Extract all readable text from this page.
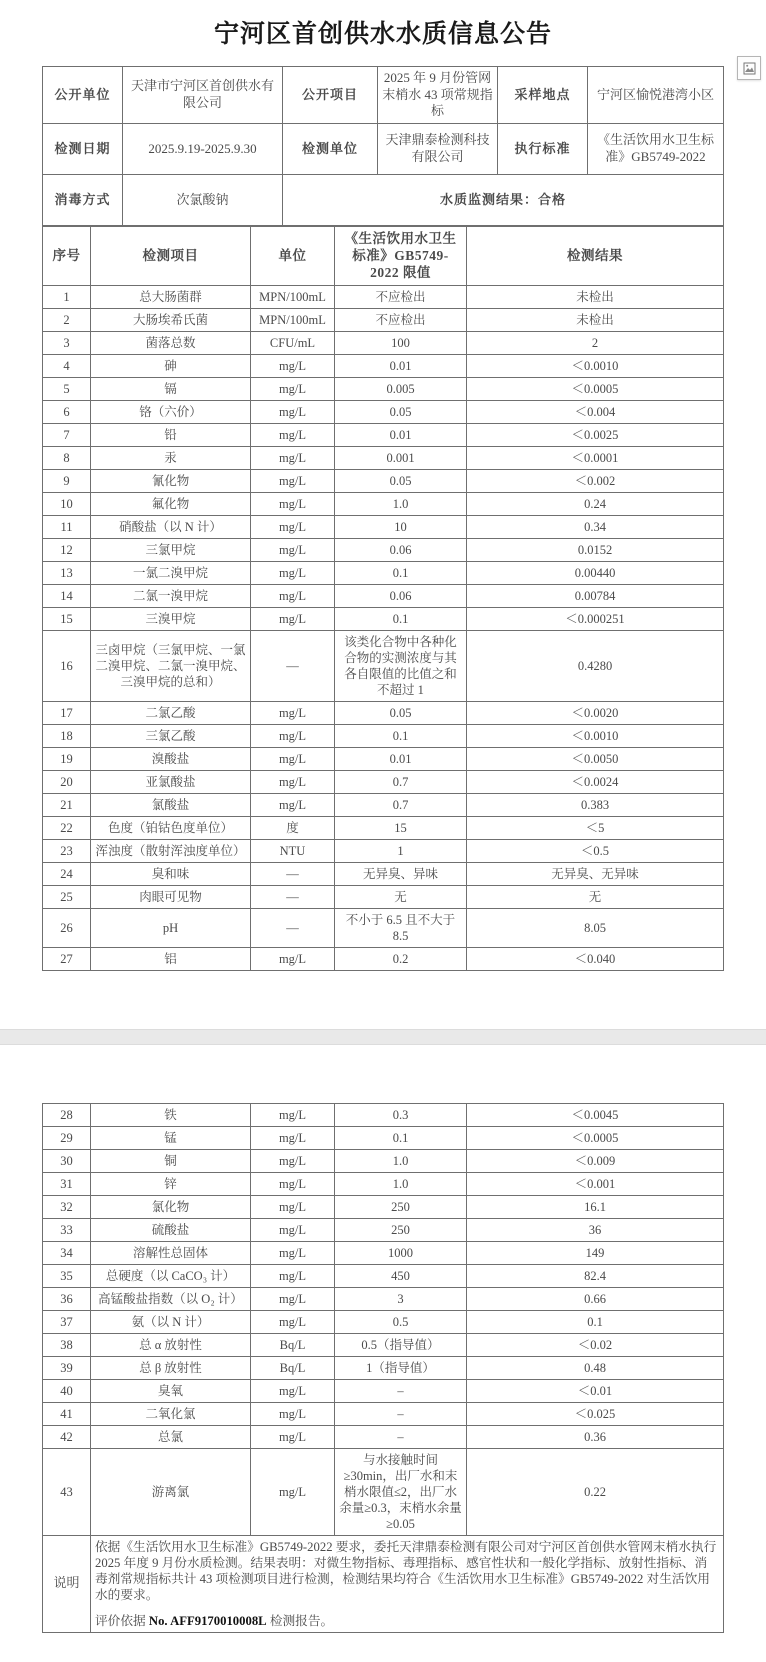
宁河区首创供水水质信息公告
公开单位	天津市宁河区首创供水有限公司	公开项目	2025 年 9 月份管网末梢水 43 项常规指标	采样地点	宁河区愉悦港湾小区
检测日期	2025.9.19-2025.9.30	检测单位	天津鼎泰检测科技有限公司	执行标准	《生活饮用水卫生标准》GB5749-2022
消毒方式	次氯酸钠	水质监测结果：合格			
序号	检测项目	单位	《生活饮用水卫生标准》GB5749-2022 限值	检测结果
1	总大肠菌群	MPN/100mL	不应检出	未检出
2	大肠埃希氏菌	MPN/100mL	不应检出	未检出
3	菌落总数	CFU/mL	100	2
4	砷	mg/L	0.01	＜0.0010
5	镉	mg/L	0.005	＜0.0005
6	铬（六价）	mg/L	0.05	＜0.004
7	铅	mg/L	0.01	＜0.0025
8	汞	mg/L	0.001	＜0.0001
9	氰化物	mg/L	0.05	＜0.002
10	氟化物	mg/L	1.0	0.24
11	硝酸盐（以 N 计）	mg/L	10	0.34
12	三氯甲烷	mg/L	0.06	0.0152
13	一氯二溴甲烷	mg/L	0.1	0.00440
14	二氯一溴甲烷	mg/L	0.06	0.00784
15	三溴甲烷	mg/L	0.1	＜0.000251
16	三卤甲烷（三氯甲烷、一氯二溴甲烷、二氯一溴甲烷、三溴甲烷的总和）	—	该类化合物中各种化合物的实测浓度与其各自限值的比值之和不超过 1	0.4280
17	二氯乙酸	mg/L	0.05	＜0.0020
18	三氯乙酸	mg/L	0.1	＜0.0010
19	溴酸盐	mg/L	0.01	＜0.0050
20	亚氯酸盐	mg/L	0.7	＜0.0024
21	氯酸盐	mg/L	0.7	0.383
22	色度（铂钴色度单位）	度	15	＜5
23	浑浊度（散射浑浊度单位）	NTU	1	＜0.5
24	臭和味	—	无异臭、异味	无异臭、无异味
25	肉眼可见物	—	无	无
26	pH	—	不小于 6.5 且不大于 8.5	8.05
27	铝	mg/L	0.2	＜0.040
28	铁	mg/L	0.3	＜0.0045
29	锰	mg/L	0.1	＜0.0005
30	铜	mg/L	1.0	＜0.009
31	锌	mg/L	1.0	＜0.001
32	氯化物	mg/L	250	16.1
33	硫酸盐	mg/L	250	36
34	溶解性总固体	mg/L	1000	149
35	总硬度（以 CaCO₃ 计）	mg/L	450	82.4
36	高锰酸盐指数（以 O₂ 计）	mg/L	3	0.66
37	氨（以 N 计）	mg/L	0.5	0.1
38	总 α 放射性	Bq/L	0.5（指导值）	＜0.02
39	总 β 放射性	Bq/L	1（指导值）	0.48
40	臭氧	mg/L	–	＜0.01
41	二氧化氯	mg/L	–	＜0.025
42	总氯	mg/L	–	0.36
43	游离氯	mg/L	与水接触时间≥30min，出厂水和末梢水限值≤2，出厂水余量≥0.3，末梢水余量≥0.05	0.22
说明	依据《生活饮用水卫生标准》GB5749-2022 要求，委托天津鼎泰检测有限公司对宁河区首创供水管网末梢水执行 2025 年度 9 月份水质检测。结果表明：对微生物指标、毒理指标、感官性状和一般化学指标、放射性指标、消毒剂常规指标共计 43 项检测项目进行检测，检测结果均符合《生活饮用水卫生标准》GB5749-2022 对生活饮用水的要求。

评价依据 No. AFF9170010008L 检测报告。			
